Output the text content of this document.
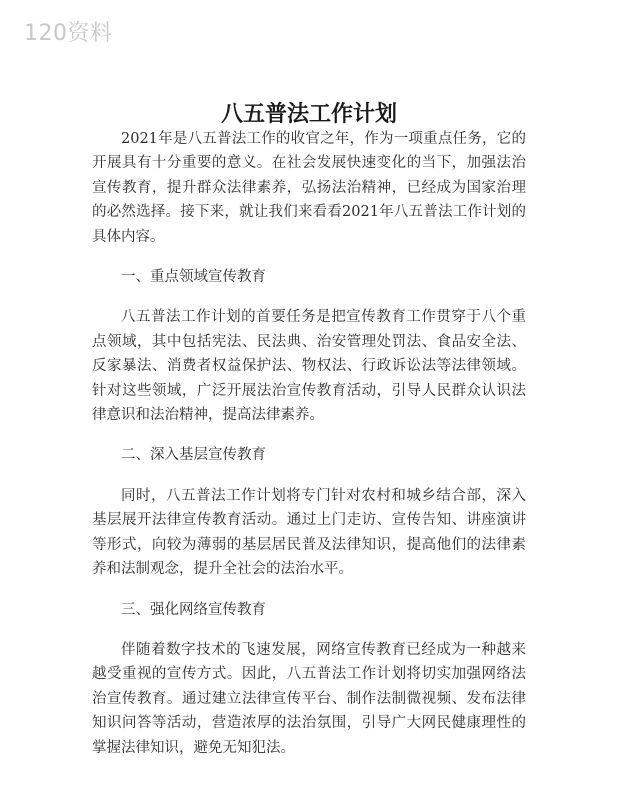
120资料
八五普法工作计划

2021年是八五普法工作的收官之年，作为一项重点任务，它的开展具有十分重要的意义。在社会发展快速变化的当下，加强法治宣传教育，提升群众法律素养，弘扬法治精神，已经成为国家治理的必然选择。接下来，就让我们来看看2021年八五普法工作计划的具体内容。

一、重点领域宣传教育

八五普法工作计划的首要任务是把宣传教育工作贯穿于八个重点领域，其中包括宪法、民法典、治安管理处罚法、食品安全法、反家暴法、消费者权益保护法、物权法、行政诉讼法等法律领域。针对这些领域，广泛开展法治宣传教育活动，引导人民群众认识法律意识和法治精神，提高法律素养。

二、深入基层宣传教育

同时，八五普法工作计划将专门针对农村和城乡结合部，深入基层展开法律宣传教育活动。通过上门走访、宣传告知、讲座演讲等形式，向较为薄弱的基层居民普及法律知识，提高他们的法律素养和法制观念，提升全社会的法治水平。

三、强化网络宣传教育

伴随着数字技术的飞速发展，网络宣传教育已经成为一种越来越受重视的宣传方式。因此，八五普法工作计划将切实加强网络法治宣传教育。通过建立法律宣传平台、制作法制微视频、发布法律知识问答等活动，营造浓厚的法治氛围，引导广大网民健康理性的掌握法律知识，避免无知犯法。
